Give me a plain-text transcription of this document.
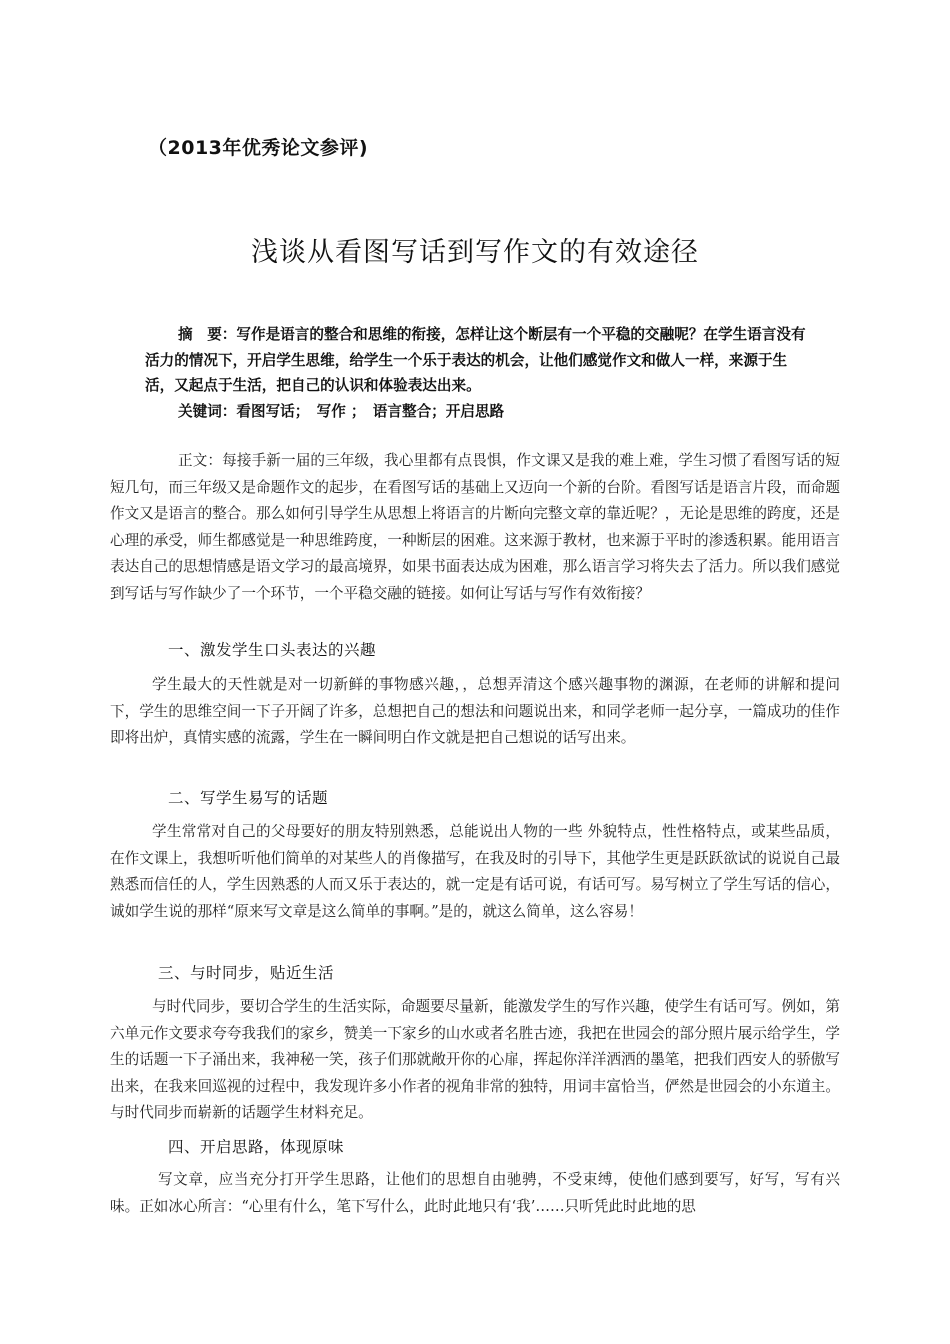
（2013年优秀论文参评)
浅谈从看图写话到写作文的有效途径

摘　要：写作是语言的整合和思维的衔接，怎样让这个断层有一个平稳的交融呢？在学生语言没有活力的情况下，开启学生思维，给学生一个乐于表达的机会，让他们感觉作文和做人一样，来源于生活，又起点于生活，把自己的认识和体验表达出来。

关键词：看图写话；　写作 ；　语言整合；开启思路

正文：每接手新一届的三年级，我心里都有点畏惧，作文课又是我的难上难，学生习惯了看图写话的短短几句，而三年级又是命题作文的起步，在看图写话的基础上又迈向一个新的台阶。看图写话是语言片段，而命题作文又是语言的整合。那么如何引导学生从思想上将语言的片断向完整文章的靠近呢？，无论是思维的跨度，还是心理的承受，师生都感觉是一种思维跨度，一种断层的困难。这来源于教材，也来源于平时的渗透积累。能用语言表达自己的思想情感是语文学习的最高境界，如果书面表达成为困难，那么语言学习将失去了活力。所以我们感觉到写话与写作缺少了一个环节，一个平稳交融的链接。如何让写话与写作有效衔接？

一、激发学生口头表达的兴趣

学生最大的天性就是对一切新鲜的事物感兴趣，，总想弄清这个感兴趣事物的渊源，在老师的讲解和提问下，学生的思维空间一下子开阔了许多，总想把自己的想法和问题说出来，和同学老师一起分享，一篇成功的佳作即将出炉，真情实感的流露，学生在一瞬间明白作文就是把自己想说的话写出来。

二、写学生易写的话题

学生常常对自己的父母要好的朋友特别熟悉，总能说出人物的一些 外貌特点，性性格特点，或某些品质，在作文课上，我想听听他们简单的对某些人的肖像描写，在我及时的引导下，其他学生更是跃跃欲试的说说自己最熟悉而信任的人，学生因熟悉的人而又乐于表达的，就一定是有话可说，有话可写。易写树立了学生写话的信心，诚如学生说的那样“原来写文章是这么简单的事啊。”是的，就这么简单，这么容易！

三、与时同步，贴近生活

与时代同步，要切合学生的生活实际，命题要尽量新，能激发学生的写作兴趣，使学生有话可写。例如，第六单元作文要求夸夸我我们的家乡，赞美一下家乡的山水或者名胜古迹，我把在世园会的部分照片展示给学生，学生的话题一下子涌出来，我神秘一笑，孩子们那就敞开你的心扉，挥起你洋洋洒洒的墨笔，把我们西安人的骄傲写出来，在我来回巡视的过程中，我发现许多小作者的视角非常的独特，用词丰富恰当，俨然是世园会的小东道主。与时代同步而崭新的话题学生材料充足。

四、开启思路，体现原味

写文章，应当充分打开学生思路，让他们的思想自由驰骋，不受束缚，使他们感到要写，好写，写有兴味。正如冰心所言：“心里有什么，笔下写什么，此时此地只有‘我’……只听凭此时此地的思
